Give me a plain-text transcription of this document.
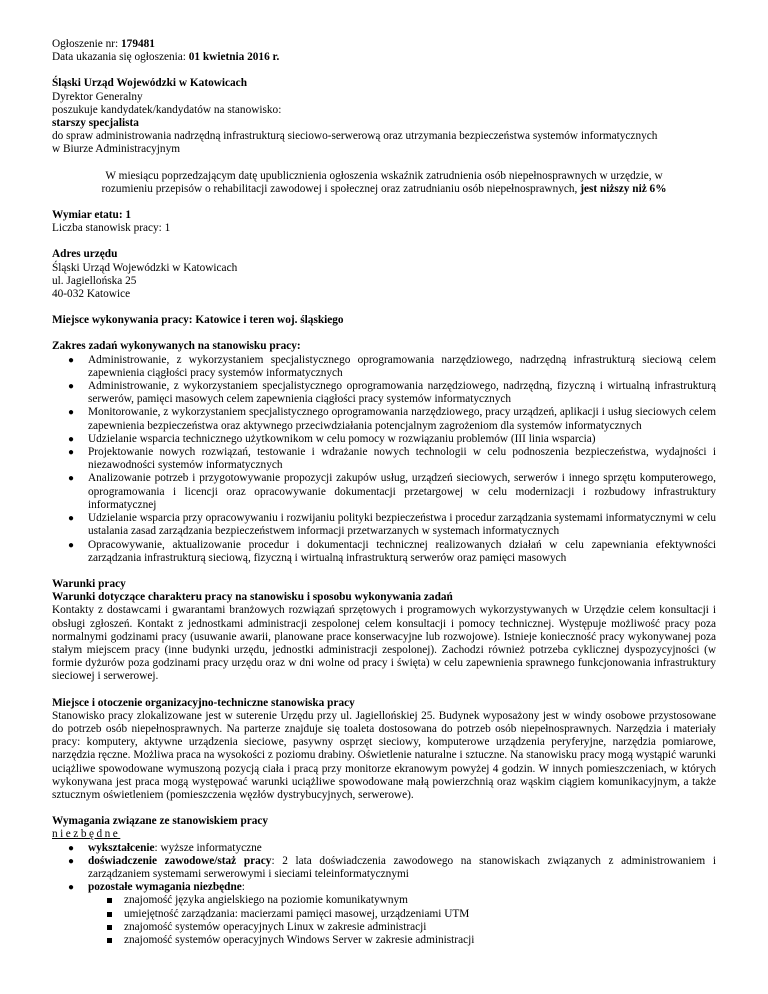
Ogłoszenie nr: 179481

Data ukazania się ogłoszenia: 01 kwietnia 2016 r.

Śląski Urząd Wojewódzki w Katowicach

Dyrektor Generalny

poszukuje kandydatek/kandydatów na stanowisko:

starszy specjalista

do spraw administrowania nadrzędną infrastrukturą sieciowo-serwerową oraz utrzymania bezpieczeństwa systemów informatycznych

w Biurze Administracyjnym

W miesiącu poprzedzającym datę upublicznienia ogłoszenia wskaźnik zatrudnienia osób niepełnosprawnych w urzędzie, w rozumieniu przepisów o rehabilitacji zawodowej i społecznej oraz zatrudnianiu osób niepełnosprawnych, jest niższy niż 6%

Wymiar etatu: 1

Liczba stanowisk pracy: 1

Adres urzędu

Śląski Urząd Wojewódzki w Katowicach

ul. Jagiellońska 25

40-032 Katowice

Miejsce wykonywania pracy: Katowice i teren woj. śląskiego

Zakres zadań wykonywanych na stanowisku pracy:

● Administrowanie, z wykorzystaniem specjalistycznego oprogramowania narzędziowego, nadrzędną infrastrukturą sieciową celem zapewnienia ciągłości pracy systemów informatycznych
● Administrowanie, z wykorzystaniem specjalistycznego oprogramowania narzędziowego, nadrzędną, fizyczną i wirtualną infrastrukturą serwerów, pamięci masowych celem zapewnienia ciągłości pracy systemów informatycznych
● Monitorowanie, z wykorzystaniem specjalistycznego oprogramowania narzędziowego, pracy urządzeń, aplikacji i usług sieciowych celem zapewnienia bezpieczeństwa oraz aktywnego przeciwdziałania potencjalnym zagrożeniom dla systemów informatycznych
● Udzielanie wsparcia technicznego użytkownikom w celu pomocy w rozwiązaniu problemów (III linia wsparcia)
● Projektowanie nowych rozwiązań, testowanie i wdrażanie nowych technologii w celu podnoszenia bezpieczeństwa, wydajności i niezawodności systemów informatycznych
● Analizowanie potrzeb i przygotowywanie propozycji zakupów usług, urządzeń sieciowych, serwerów i innego sprzętu komputerowego, oprogramowania i licencji oraz opracowywanie dokumentacji przetargowej w celu modernizacji i rozbudowy infrastruktury informatycznej
● Udzielanie wsparcia przy opracowywaniu i rozwijaniu polityki bezpieczeństwa i procedur zarządzania systemami informatycznymi w celu ustalania zasad zarządzania bezpieczeństwem informacji przetwarzanych w systemach informatycznych
● Opracowywanie, aktualizowanie procedur i dokumentacji technicznej realizowanych działań w celu zapewniania efektywności zarządzania infrastrukturą sieciową, fizyczną i wirtualną infrastrukturą serwerów oraz pamięci masowych

Warunki pracy

Warunki dotyczące charakteru pracy na stanowisku i sposobu wykonywania zadań

Kontakty z dostawcami i gwarantami branżowych rozwiązań sprzętowych i programowych wykorzystywanych w Urzędzie celem konsultacji i obsługi zgłoszeń. Kontakt z jednostkami administracji zespolonej celem konsultacji i pomocy technicznej. Występuje możliwość pracy poza normalnymi godzinami pracy (usuwanie awarii, planowane prace konserwacyjne lub rozwojowe). Istnieje konieczność pracy wykonywanej poza stałym miejscem pracy (inne budynki urzędu, jednostki administracji zespolonej). Zachodzi również potrzeba cyklicznej dyspozycyjności (w formie dyżurów poza godzinami pracy urzędu oraz w dni wolne od pracy i święta) w celu zapewnienia sprawnego funkcjonowania infrastruktury sieciowej i serwerowej.

Miejsce i otoczenie organizacyjno-techniczne stanowiska pracy

Stanowisko pracy zlokalizowane jest w suterenie Urzędu przy ul. Jagiellońskiej 25. Budynek wyposażony jest w windy osobowe przystosowane do potrzeb osób niepełnosprawnych. Na parterze znajduje się toaleta dostosowana do potrzeb osób niepełnosprawnych. Narzędzia i materiały pracy: komputery, aktywne urządzenia sieciowe, pasywny osprzęt sieciowy, komputerowe urządzenia peryferyjne, narzędzia pomiarowe, narzędzia ręczne. Możliwa praca na wysokości z poziomu drabiny. Oświetlenie naturalne i sztuczne. Na stanowisku pracy mogą wystąpić warunki uciążliwe spowodowane wymuszoną pozycją ciała i pracą przy monitorze ekranowym powyżej 4 godzin. W innych pomieszczeniach, w których wykonywana jest praca mogą występować warunki uciążliwe spowodowane małą powierzchnią oraz wąskim ciągiem komunikacyjnym, a także sztucznym oświetleniem (pomieszczenia węzłów dystrybucyjnych, serwerowe).

Wymagania związane ze stanowiskiem pracy

niezbędne

● wykształcenie: wyższe informatyczne
● doświadczenie zawodowe/staż pracy: 2 lata doświadczenia zawodowego na stanowiskach związanych z administrowaniem i zarządzaniem systemami serwerowymi i sieciami teleinformatycznymi
● pozostałe wymagania niezbędne:
znajomość języka angielskiego na poziomie komunikatywnym
umiejętność zarządzania: macierzami pamięci masowej, urządzeniami UTM
znajomość systemów operacyjnych Linux w zakresie administracji
znajomość systemów operacyjnych Windows Server w zakresie administracji
